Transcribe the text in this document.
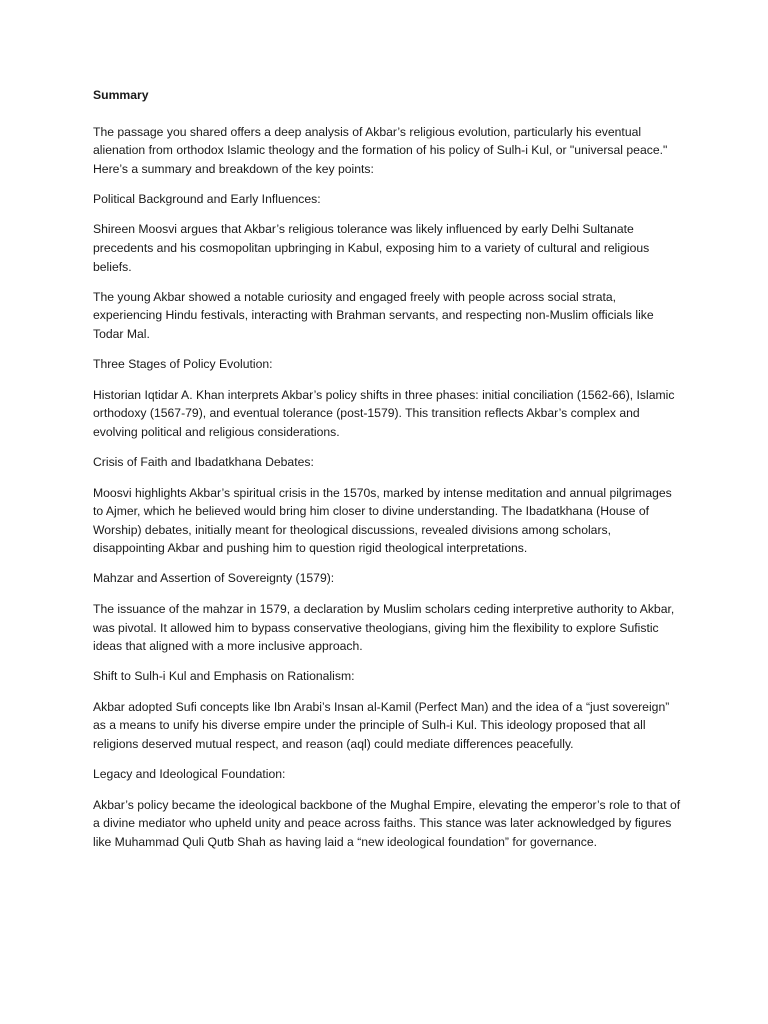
Summary
The passage you shared offers a deep analysis of Akbar’s religious evolution, particularly his eventual alienation from orthodox Islamic theology and the formation of his policy of Sulh-i Kul, or "universal peace." Here’s a summary and breakdown of the key points:
Political Background and Early Influences:
Shireen Moosvi argues that Akbar’s religious tolerance was likely influenced by early Delhi Sultanate precedents and his cosmopolitan upbringing in Kabul, exposing him to a variety of cultural and religious beliefs.
The young Akbar showed a notable curiosity and engaged freely with people across social strata, experiencing Hindu festivals, interacting with Brahman servants, and respecting non-Muslim officials like Todar Mal.
Three Stages of Policy Evolution:
Historian Iqtidar A. Khan interprets Akbar’s policy shifts in three phases: initial conciliation (1562-66), Islamic orthodoxy (1567-79), and eventual tolerance (post-1579). This transition reflects Akbar’s complex and evolving political and religious considerations.
Crisis of Faith and Ibadatkhana Debates:
Moosvi highlights Akbar’s spiritual crisis in the 1570s, marked by intense meditation and annual pilgrimages to Ajmer, which he believed would bring him closer to divine understanding. The Ibadatkhana (House of Worship) debates, initially meant for theological discussions, revealed divisions among scholars, disappointing Akbar and pushing him to question rigid theological interpretations.
Mahzar and Assertion of Sovereignty (1579):
The issuance of the mahzar in 1579, a declaration by Muslim scholars ceding interpretive authority to Akbar, was pivotal. It allowed him to bypass conservative theologians, giving him the flexibility to explore Sufistic ideas that aligned with a more inclusive approach.
Shift to Sulh-i Kul and Emphasis on Rationalism:
Akbar adopted Sufi concepts like Ibn Arabi’s Insan al-Kamil (Perfect Man) and the idea of a “just sovereign” as a means to unify his diverse empire under the principle of Sulh-i Kul. This ideology proposed that all religions deserved mutual respect, and reason (aql) could mediate differences peacefully.
Legacy and Ideological Foundation:
Akbar’s policy became the ideological backbone of the Mughal Empire, elevating the emperor’s role to that of a divine mediator who upheld unity and peace across faiths. This stance was later acknowledged by figures like Muhammad Quli Qutb Shah as having laid a “new ideological foundation” for governance.
